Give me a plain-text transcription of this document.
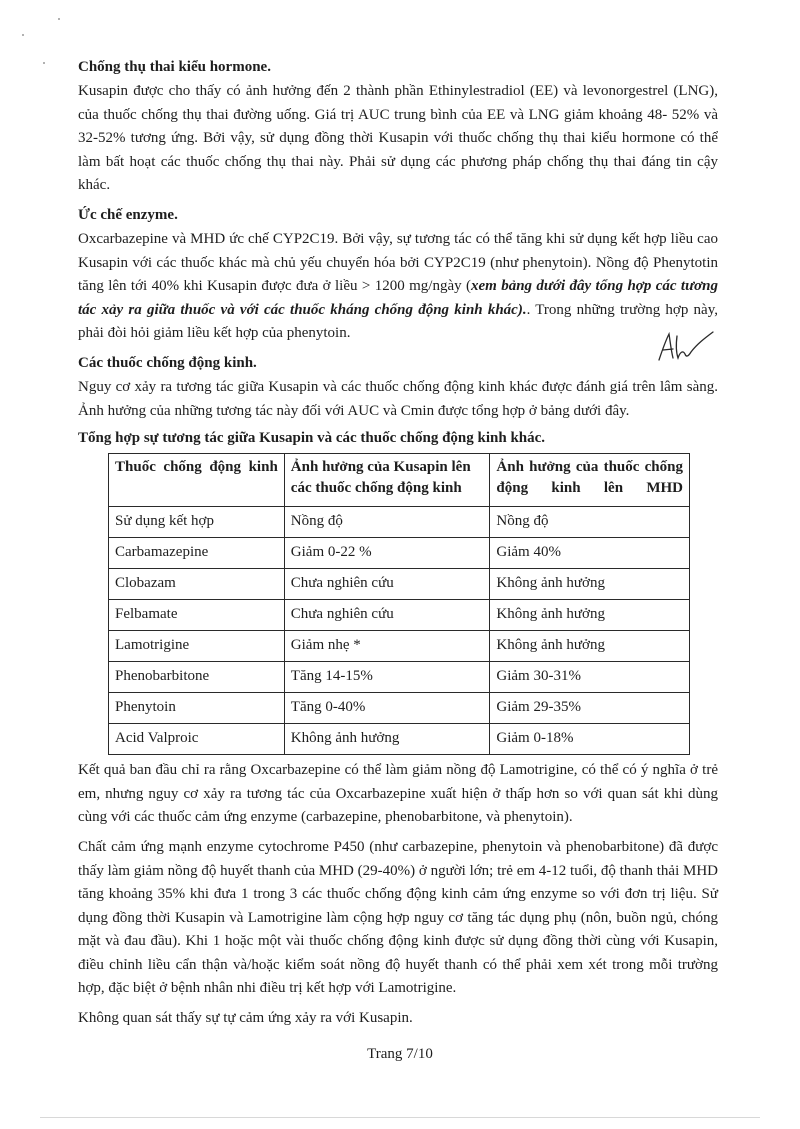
Chống thụ thai kiểu hormone.

Kusapin được cho thấy có ảnh hưởng đến 2 thành phần Ethinylestradiol (EE) và levonorgestrel (LNG), của thuốc chống thụ thai đường uống. Giá trị AUC trung bình của EE và LNG giảm khoảng 48- 52% và 32-52% tương ứng. Bởi vậy, sử dụng đồng thời Kusapin với thuốc chống thụ thai kiểu hormone có thể làm bất hoạt các thuốc chống thụ thai này. Phải sử dụng các phương pháp chống thụ thai đáng tin cậy khác.

Ức chế enzyme.

Oxcarbazepine và MHD ức chế CYP2C19. Bởi vậy, sự tương tác có thể tăng khi sử dụng kết hợp liều cao Kusapin với các thuốc khác mà chủ yếu chuyển hóa bởi CYP2C19 (như phenytoin). Nồng độ Phenytotin tăng lên tới 40% khi Kusapin được đưa ở liều > 1200 mg/ngày (xem bảng dưới đây tổng hợp các tương tác xảy ra giữa thuốc và với các thuốc kháng chống động kinh khác).. Trong những trường hợp này, phải đòi hỏi giảm liều kết hợp của phenytoin.

Các thuốc chống động kinh.

Nguy cơ xảy ra tương tác giữa Kusapin và các thuốc chống động kinh khác được đánh giá trên lâm sàng. Ảnh hưởng của những tương tác này đối với AUC và Cmin được tổng hợp ở bảng dưới đây.

Tổng hợp sự tương tác giữa Kusapin và các thuốc chống động kinh khác.

Thuốc chống động kinh	Ảnh hưởng của Kusapin lên các thuốc chống động kinh	Ảnh hưởng của thuốc chống động kinh lên MHD

Sử dụng kết hợp	Nồng độ	Nồng độ
Carbamazepine	Giảm 0-22 %	Giảm 40%
Clobazam	Chưa nghiên cứu	Không ảnh hưởng
Felbamate	Chưa nghiên cứu	Không ảnh hưởng
Lamotrigine	Giảm nhẹ *	Không ảnh hưởng
Phenobarbitone	Tăng 14-15%	Giảm 30-31%
Phenytoin	Tăng 0-40%	Giảm 29-35%
Acid Valproic	Không ảnh hưởng	Giảm 0-18%

Kết quả ban đầu chỉ ra rằng Oxcarbazepine có thể làm giảm nồng độ Lamotrigine, có thể có ý nghĩa ở trẻ em, nhưng nguy cơ xảy ra tương tác của Oxcarbazepine xuất hiện ở thấp hơn so với quan sát khi dùng cùng với các thuốc cảm ứng enzyme (carbazepine, phenobarbitone, và phenytoin).

Chất cảm ứng mạnh enzyme cytochrome P450 (như carbazepine, phenytoin và phenobarbitone) đã được thấy làm giảm nồng độ huyết thanh của MHD (29-40%) ở người lớn; trẻ em 4-12 tuổi, độ thanh thải MHD tăng khoảng 35% khi đưa 1 trong 3 các thuốc chống động kinh cảm ứng enzyme so với đơn trị liệu. Sử dụng đồng thời Kusapin và Lamotrigine làm cộng hợp nguy cơ tăng tác dụng phụ (nôn, buồn ngủ, chóng mặt và đau đầu). Khi 1 hoặc một vài thuốc chống động kinh được sử dụng đồng thời cùng với Kusapin, điều chỉnh liều cẩn thận và/hoặc kiểm soát nồng độ huyết thanh có thể phải xem xét trong mỗi trường hợp, đặc biệt ở bệnh nhân nhi điều trị kết hợp với Lamotrigine.

Không quan sát thấy sự tự cảm ứng xảy ra với Kusapin.

Trang 7/10
